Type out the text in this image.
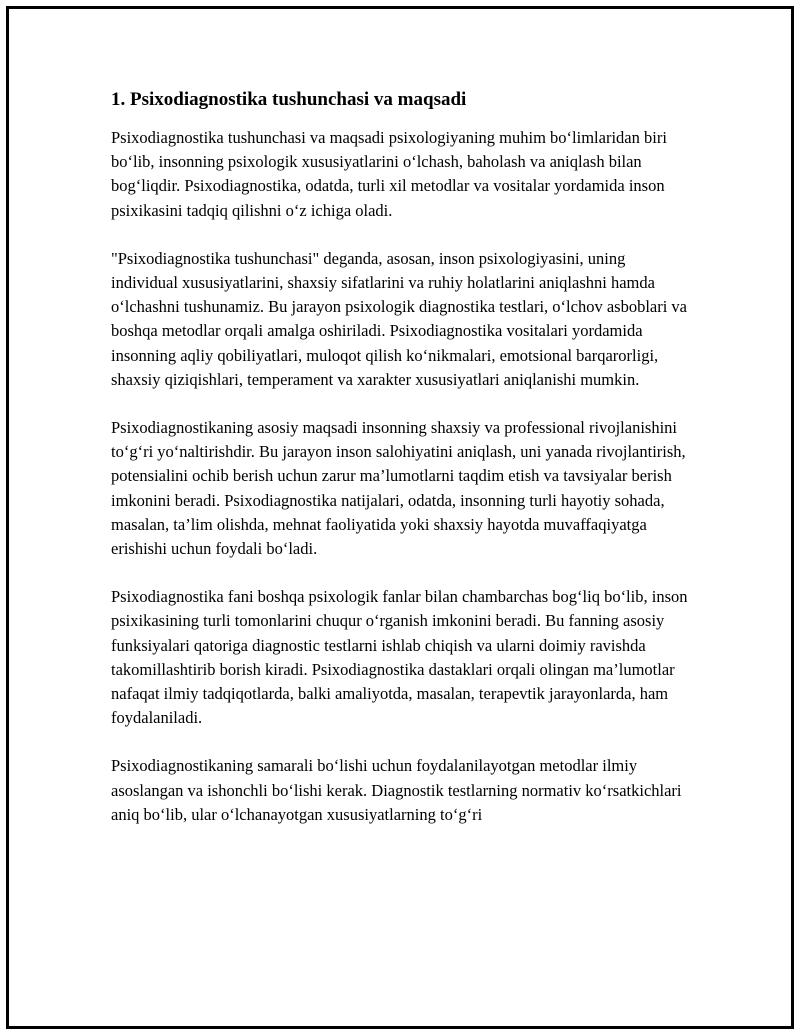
1. Psixodiagnostika tushunchasi va maqsadi

Psixodiagnostika tushunchasi va maqsadi psixologiyaning muhim bo‘limlaridan biri bo‘lib, insonning psixologik xususiyatlarini o‘lchash, baholash va aniqlash bilan bog‘liqdir. Psixodiagnostika, odatda, turli xil metodlar va vositalar yordamida inson psixikasini tadqiq qilishni o‘z ichiga oladi.

"Psixodiagnostika tushunchasi" deganda, asosan, inson psixologiyasini, uning individual xususiyatlarini, shaxsiy sifatlarini va ruhiy holatlarini aniqlashni hamda o‘lchashni tushunamiz. Bu jarayon psixologik diagnostika testlari, o‘lchov asboblari va boshqa metodlar orqali amalga oshiriladi. Psixodiagnostika vositalari yordamida insonning aqliy qobiliyatlari, muloqot qilish ko‘nikmalari, emotsional barqarorligi, shaxsiy qiziqishlari, temperament va xarakter xususiyatlari aniqlanishi mumkin.

Psixodiagnostikaning asosiy maqsadi insonning shaxsiy va professional rivojlanishini to‘g‘ri yo‘naltirishdir. Bu jarayon inson salohiyatini aniqlash, uni yanada rivojlantirish, potensialini ochib berish uchun zarur ma’lumotlarni taqdim etish va tavsiyalar berish imkonini beradi. Psixodiagnostika natijalari, odatda, insonning turli hayotiy sohada, masalan, ta’lim olishda, mehnat faoliyatida yoki shaxsiy hayotda muvaffaqiyatga erishishi uchun foydali bo‘ladi.

Psixodiagnostika fani boshqa psixologik fanlar bilan chambarchas bog‘liq bo‘lib, inson psixikasining turli tomonlarini chuqur o‘rganish imkonini beradi. Bu fanning asosiy funksiyalari qatoriga diagnostic testlarni ishlab chiqish va ularni doimiy ravishda takomillashtirib borish kiradi. Psixodiagnostika dastaklari orqali olingan ma’lumotlar nafaqat ilmiy tadqiqotlarda, balki amaliyotda, masalan, terapevtik jarayonlarda, ham foydalaniladi.

Psixodiagnostikaning samarali bo‘lishi uchun foydalanilayotgan metodlar ilmiy asoslangan va ishonchli bo‘lishi kerak. Diagnostik testlarning normativ ko‘rsatkichlari aniq bo‘lib, ular o‘lchanayotgan xususiyatlarning to‘g‘ri
